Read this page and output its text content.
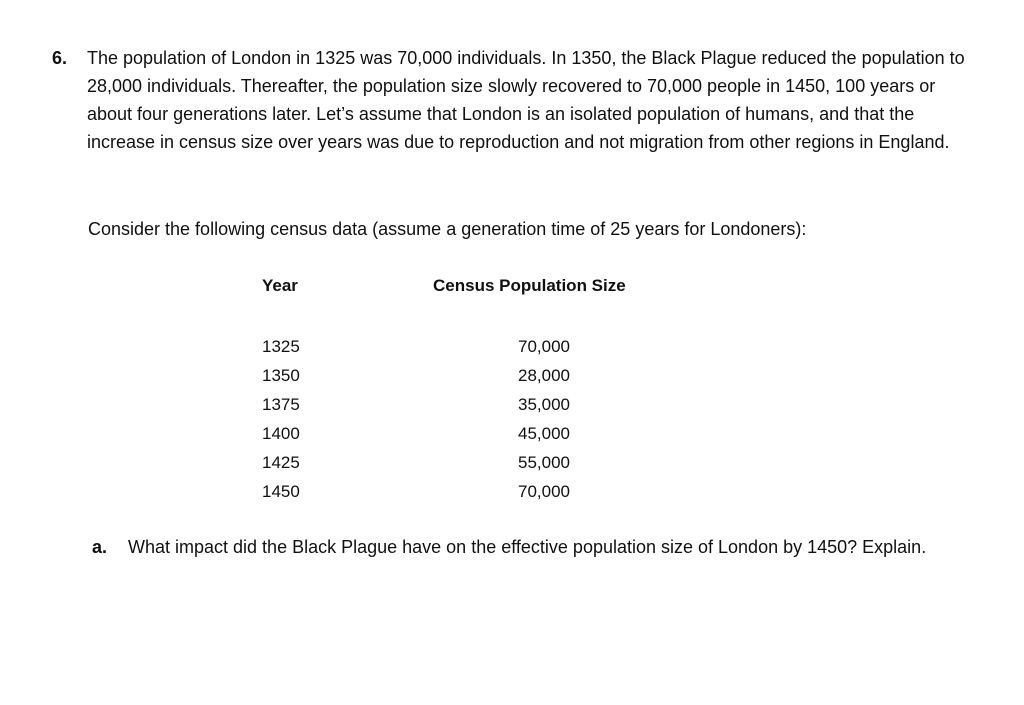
6. The population of London in 1325 was 70,000 individuals. In 1350, the Black Plague reduced the population to 28,000 individuals. Thereafter, the population size slowly recovered to 70,000 people in 1450, 100 years or about four generations later. Let’s assume that London is an isolated population of humans, and that the increase in census size over years was due to reproduction and not migration from other regions in England.
Consider the following census data (assume a generation time of 25 years for Londoners):
Year	Census Population Size
1325	70,000
1350	28,000
1375	35,000
1400	45,000
1425	55,000
1450	70,000
a. What impact did the Black Plague have on the effective population size of London by 1450? Explain.
